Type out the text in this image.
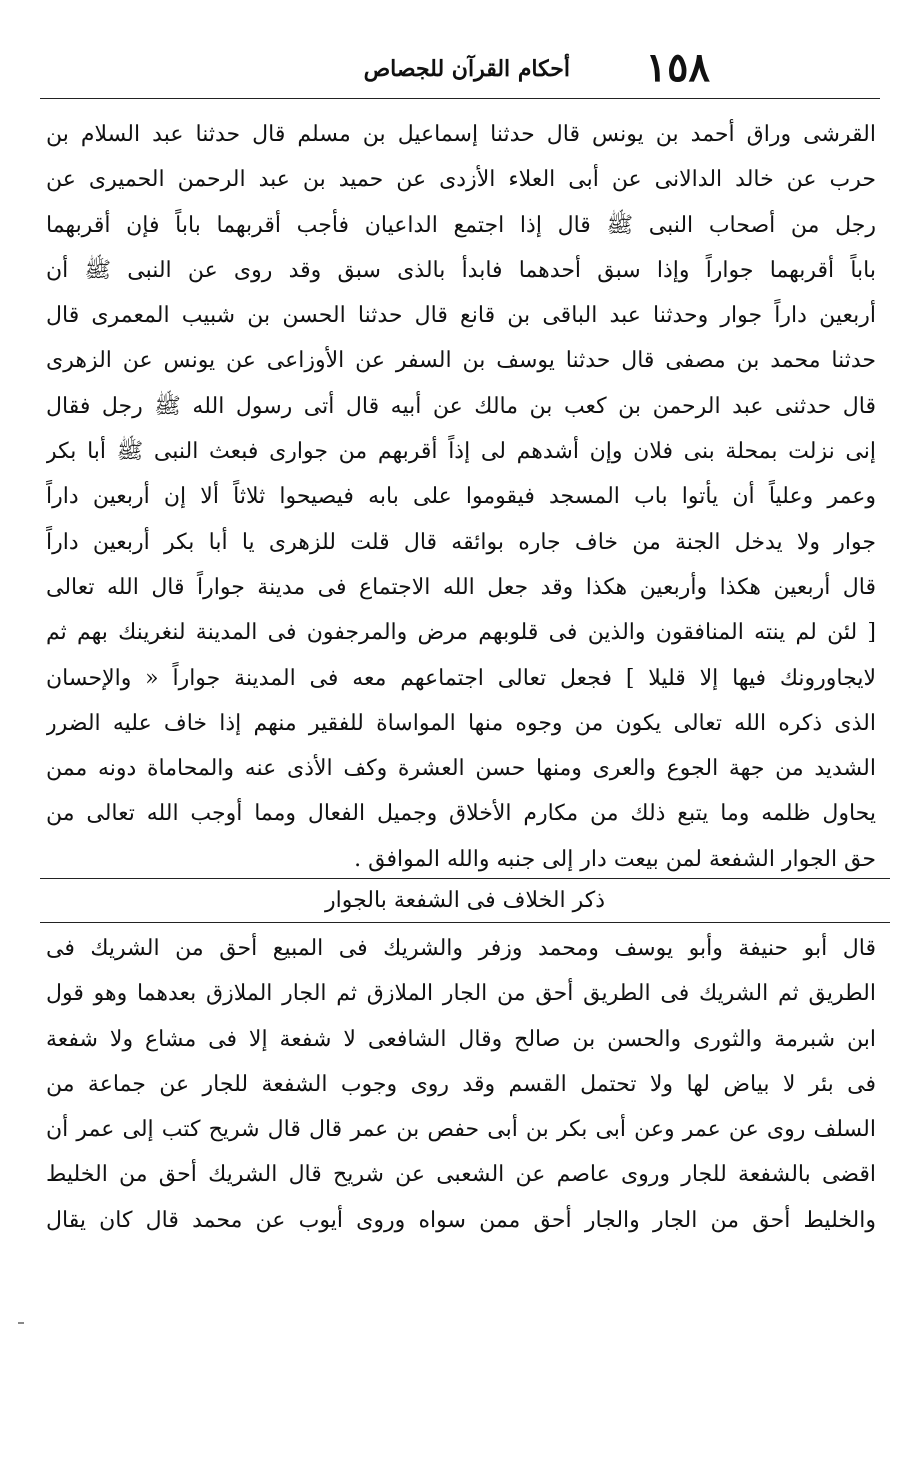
١٥٨
أحكام القرآن للجصاص
القرشى وراق أحمد بن يونس قال حدثنا إسماعيل بن مسلم قال حدثنا عبد السلام بن
حرب عن خالد الدالانى عن أبى العلاء الأزدى عن حميد بن عبد الرحمن الحميرى عن
رجل من أصحاب النبى ﷺ قال إذا اجتمع الداعيان فأجب أقربهما باباً فإن أقربهما
باباً أقربهما جواراً وإذا سبق أحدهما فابدأ بالذى سبق وقد روى عن النبى ﷺ أن
أربعين داراً جوار وحدثنا عبد الباقى بن قانع قال حدثنا الحسن بن شبيب المعمرى قال
حدثنا محمد بن مصفى قال حدثنا يوسف بن السفر عن الأوزاعى عن يونس عن الزهرى
قال حدثنى عبد الرحمن بن كعب بن مالك عن أبيه قال أتى رسول الله ﷺ رجل فقال
إنى نزلت بمحلة بنى فلان وإن أشدهم لى إذاً أقربهم من جوارى فبعث النبى ﷺ أبا بكر
وعمر وعلياً أن يأتوا باب المسجد فيقوموا على بابه فيصيحوا ثلاثاً ألا إن أربعين داراً
جوار ولا يدخل الجنة من خاف جاره بوائقه قال قلت للزهرى يا أبا بكر أربعين داراً
قال أربعين هكذا وأربعين هكذا وقد جعل الله الاجتماع فى مدينة جواراً قال الله تعالى
[ لئن لم ينته المنافقون والذين فى قلوبهم مرض والمرجفون فى المدينة لنغرينك بهم ثم
لايجاورونك فيها إلا قليلا ] فجعل تعالى اجتماعهم معه فى المدينة جواراً « والإحسان
الذى ذكره الله تعالى يكون من وجوه منها المواساة للفقير منهم إذا خاف عليه الضرر
الشديد من جهة الجوع والعرى ومنها حسن العشرة وكف الأذى عنه والمحاماة دونه ممن
يحاول ظلمه وما يتبع ذلك من مكارم الأخلاق وجميل الفعال ومما أوجب الله تعالى من
حق الجوار الشفعة لمن بيعت دار إلى جنبه والله الموافق .
ذكر الخلاف فى الشفعة بالجوار
قال أبو حنيفة وأبو يوسف ومحمد وزفر والشريك فى المبيع أحق من الشريك فى
الطريق ثم الشريك فى الطريق أحق من الجار الملازق ثم الجار الملازق بعدهما وهو قول
ابن شبرمة والثورى والحسن بن صالح وقال الشافعى لا شفعة إلا فى مشاع ولا شفعة
فى بئر لا بياض لها ولا تحتمل القسم وقد روى وجوب الشفعة للجار عن جماعة من
السلف روى عن عمر وعن أبى بكر بن أبى حفص بن عمر قال قال شريح كتب إلى عمر أن
اقضى بالشفعة للجار وروى عاصم عن الشعبى عن شريح قال الشريك أحق من الخليط
والخليط أحق من الجار والجار أحق ممن سواه وروى أيوب عن محمد قال كان يقال
